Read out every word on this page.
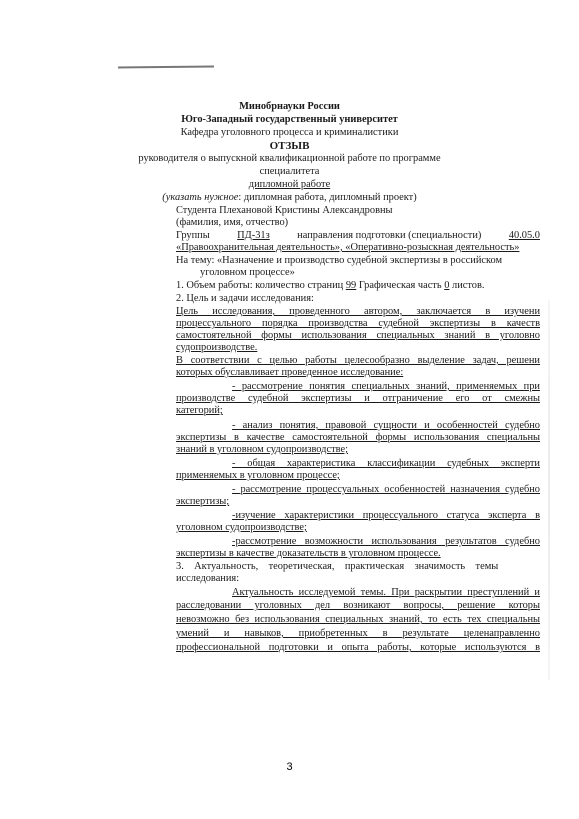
Минобрнауки России
Юго-Западный государственный университет
Кафедра уголовного процесса и криминалистики
ОТЗЫВ
руководителя о выпускной квалификационной работе по программе
специалитета
дипломной работе
(указать нужное: дипломная работа, дипломный проект)
Студента Плехановой Кристины Александровны
(фамилия, имя, отчество)
Группы	ПД-31з	направления подготовки (специальности)	40.05.0
«Правоохранительная деятельность», «Оперативно-розыскная деятельность»
На тему: «Назначение и производство судебной экспертизы в российском
уголовном процессе»
1. Объем работы: количество страниц 99 Графическая часть 0 листов.
2. Цель и задачи исследования:
Цель исследования, проведенного автором, заключается в изучени
процессуального порядка производства судебной экспертизы в качеств
самостоятельной формы использования специальных знаний в уголовно
судопроизводстве.
В соответствии с целью работы целесообразно выделение задач, решени
которых обуславливает проведенное исследование:
- рассмотрение понятия специальных знаний, применяемых при
производстве судебной экспертизы и отграничение его от смежны
категорий;
- анализ понятия, правовой сущности и особенностей судебно
экспертизы в качестве самостоятельной формы использования специальны
знаний в уголовном судопроизводстве;
- общая характеристика классификации судебных эксперти
применяемых в уголовном процессе;
- рассмотрение процессуальных особенностей назначения судебно
экспертизы;
-изучение характеристики процессуального статуса эксперта в
уголовном судопроизводстве;
-рассмотрение возможности использования результатов судебно
экспертизы в качестве доказательств в уголовном процессе.
3.    Актуальность,    теоретическая,    практическая    значимость    темы
исследования:
Актуальность исследуемой темы. При раскрытии преступлений и
расследовании уголовных дел возникают вопросы, решение которы
невозможно без использования специальных знаний, то есть тех специальны
умений и навыков, приобретенных в результате целенаправленно
профессиональной подготовки и опыта работы, которые используются в
3
